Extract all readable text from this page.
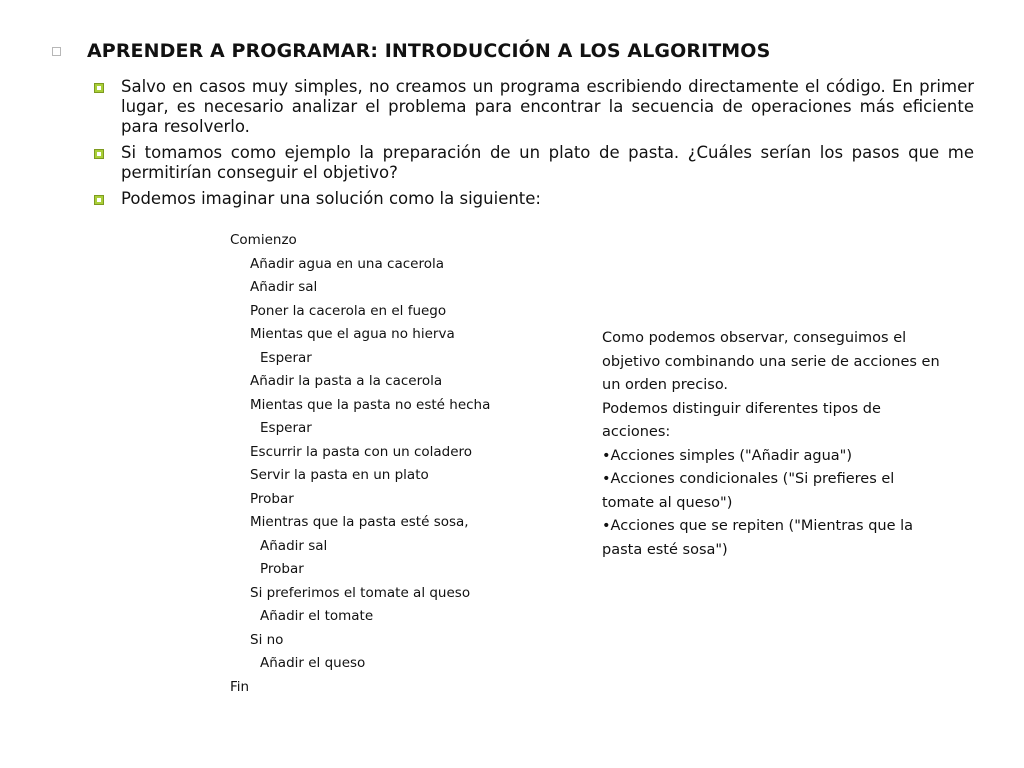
APRENDER A PROGRAMAR: INTRODUCCIÓN A LOS ALGORITMOS
Salvo en casos muy simples, no creamos un programa escribiendo directamente el código. En primer lugar, es necesario analizar el problema para encontrar la secuencia de operaciones más eficiente para resolverlo.
Si tomamos como ejemplo la preparación de un plato de pasta. ¿Cuáles serían los pasos que me permitirían conseguir el objetivo?
Podemos imaginar una solución como la siguiente:
Comienzo
Añadir agua en una cacerola
Añadir sal
Poner la cacerola en el fuego
Mientas que el agua no hierva
Esperar
Añadir la pasta a la cacerola
Mientas que la pasta no esté hecha
Esperar
Escurrir la pasta con un coladero
Servir la pasta en un plato
Probar
Mientras que la pasta esté sosa,
Añadir sal
Probar
Si preferimos el tomate al queso
Añadir el tomate
Si no
Añadir el queso
Fin
Como podemos observar, conseguimos el
objetivo combinando una serie de acciones en
un orden preciso.
Podemos distinguir diferentes tipos de
acciones:
•Acciones simples ("Añadir agua")
•Acciones condicionales ("Si prefieres el
tomate al queso")
•Acciones que se repiten ("Mientras que la
pasta esté sosa")
